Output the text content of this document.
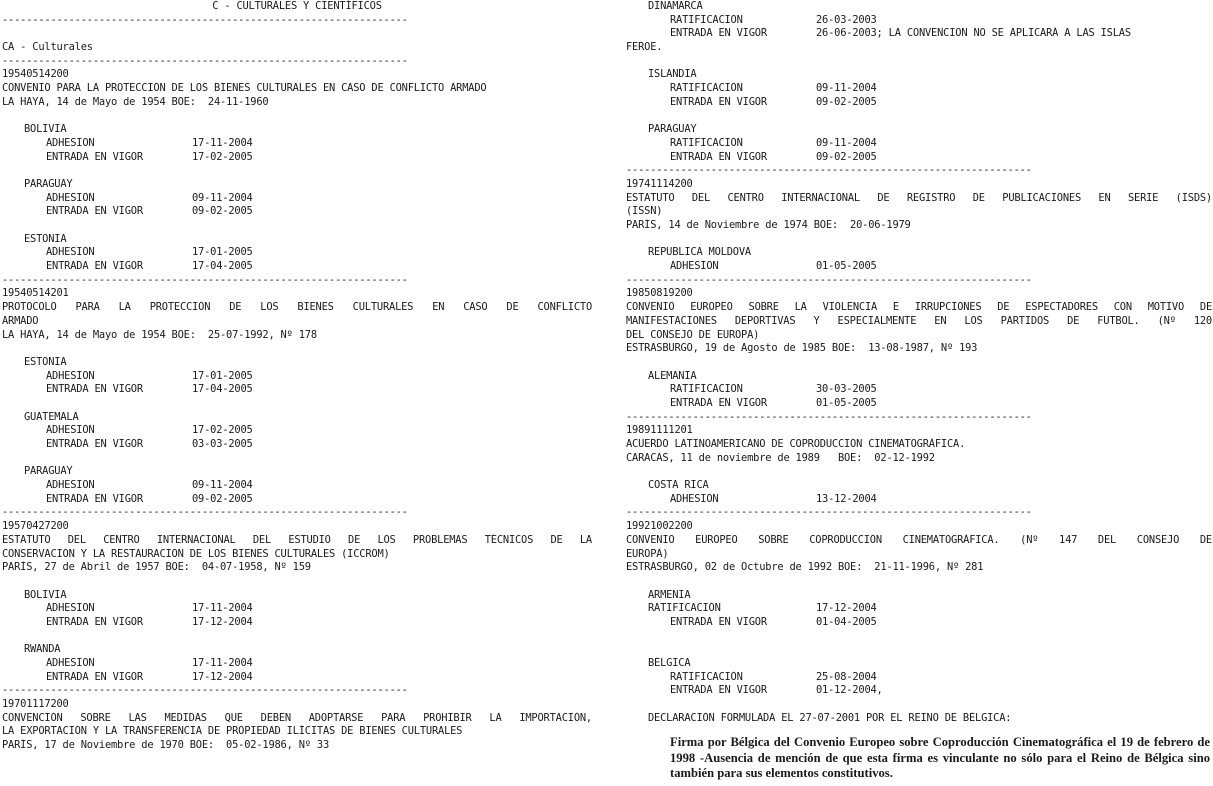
C - CULTURALES Y CIENTÍFICOS
-------------------------------------------------------------------
CA - Culturales
-------------------------------------------------------------------
19540514200
CONVENIO PARA LA PROTECCIÓN DE LOS BIENES CULTURALES EN CASO DE CONFLICTO ARMADO
LA HAYA, 14 de Mayo de 1954 BOE:  24-11-1960
BOLIVIA
ADHESION	17-11-2004
ENTRADA EN VIGOR	17-02-2005
PARAGUAY
ADHESION	09-11-2004
ENTRADA EN VIGOR	09-02-2005
ESTONIA
ADHESIÓN	17-01-2005
ENTRADA EN VIGOR	17-04-2005
-------------------------------------------------------------------
19540514201
PROTOCOLO PARA LA PROTECCIÓN DE LOS BIENES CULTURALES EN CASO DE CONFLICTO
ARMADO
LA HAYA, 14 de Mayo de 1954 BOE:  25-07-1992, Nº 178
ESTONIA
ADHESION	17-01-2005
ENTRADA EN VIGOR	17-04-2005
GUATEMALA
ADHESIÓN	17-02-2005
ENTRADA EN VIGOR	03-03-2005
PARAGUAY
ADHESION	09-11-2004
ENTRADA EN VIGOR	09-02-2005
-------------------------------------------------------------------
19570427200
ESTATUTO DEL CENTRO INTERNACIONAL DEL ESTUDIO DE LOS PROBLEMAS TÉCNICOS DE LA
CONSERVACIÓN Y LA RESTAURACIÓN DE LOS BIENES CULTURALES (ICCROM)
PARÍS, 27 de Abril de 1957 BOE:  04-07-1958, Nº 159
BOLIVIA
ADHESION	17-11-2004
ENTRADA EN VIGOR	17-12-2004
RWANDA
ADHESION	17-11-2004
ENTRADA EN VIGOR	17-12-2004
-------------------------------------------------------------------
19701117200
CONVENCIÓN SOBRE LAS MEDIDAS QUE DEBEN ADOPTARSE PARA PROHIBIR LA IMPORTACIÓN,
LA EXPORTACIÓN Y LA TRANSFERENCIA DE PROPIEDAD ILÍCITAS DE BIENES CULTURALES
PARÍS, 17 de Noviembre de 1970 BOE:  05-02-1986, Nº 33
DINAMARCA
RATIFICACION	26-03-2003
ENTRADA EN VIGOR	26-06-2003; LA CONVENCIÓN NO SE APLICARÁ A LAS ISLAS
FEROE.
ISLANDIA
RATIFICACIÓN	09-11-2004
ENTRADA EN VIGOR	09-02-2005
PARAGUAY
RATIFICACIÓN	09-11-2004
ENTRADA EN VIGOR	09-02-2005
-------------------------------------------------------------------
19741114200
ESTATUTO DEL CENTRO INTERNACIONAL DE REGISTRO DE PUBLICACIONES EN SERIE (ISDS)
(ISSN)
PARÍS, 14 de Noviembre de 1974 BOE:  20-06-1979
REPÚBLICA MOLDOVA
ADHESION	01-05-2005
-------------------------------------------------------------------
19850819200
CONVENIO EUROPEO SOBRE LA VIOLENCIA E IRRUPCIONES DE ESPECTADORES CON MOTIVO DE
MANIFESTACIONES DEPORTIVAS Y ESPECIALMENTE EN LOS PARTIDOS DE FÚTBOL. (Nº 120
DEL CONSEJO DE EUROPA)
ESTRASBURGO, 19 de Agosto de 1985 BOE:  13-08-1987, Nº 193
ALEMANIA
RATIFICACION	30-03-2005
ENTRADA EN VIGOR	01-05-2005
-------------------------------------------------------------------
19891111201
ACUERDO LATINOAMERICANO DE COPRODUCCIÓN CINEMATOGRÁFICA.
CARACAS, 11 de noviembre de 1989   BOE:  02-12-1992
COSTA RICA
ADHESIÓN	13-12-2004
-------------------------------------------------------------------
19921002200
CONVENIO EUROPEO SOBRE COPRODUCCIÓN CINEMATOGRÁFICA. (Nº 147 DEL CONSEJO DE
EUROPA)
ESTRASBURGO, 02 de Octubre de 1992 BOE:  21-11-1996, Nº 281
ARMENIA
RATIFICACIÓN	17-12-2004
ENTRADA EN VIGOR	01-04-2005
BÉLGICA
RATIFICACIÓN	25-08-2004
ENTRADA EN VIGOR	01-12-2004,
DECLARACIÓN FORMULADA EL 27-07-2001 POR EL REINO DE BÉLGICA:
Firma por Bélgica del Convenio Europeo sobre Coproducción Cinematográfica el 19 de febrero de 1998 -Ausencia de mención de que esta firma es vinculante no sólo para el Reino de Bélgica sino también para sus elementos constitutivos.
